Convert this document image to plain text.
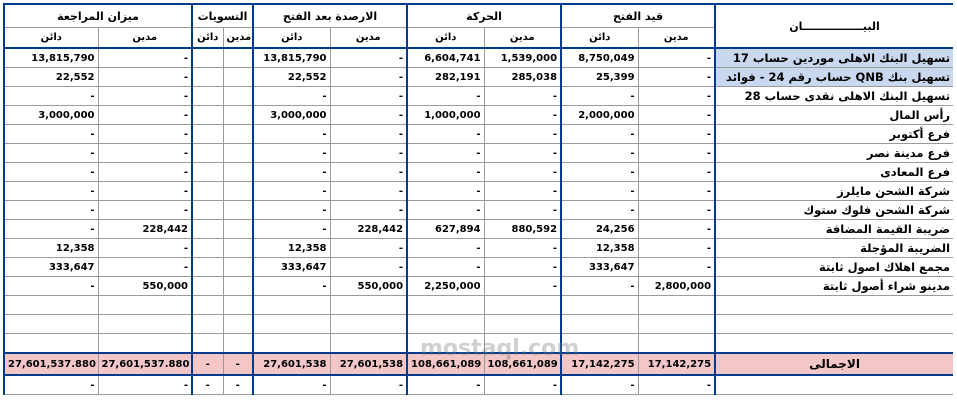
ميزان المراجعة		التسويات		الارصدة بعد الفتح		الحركة		قيد الفتح		البيــــــــــــــــان
دائن	مدين	دائن	مدين	دائن	مدين	دائن	مدين	دائن	مدين	
13,815,790	-			13,815,790	-	6,604,741	1,539,000	8,750,049	-	تسهيل البنك الاهلى موردين حساب 17
22,552	-			22,552	-	282,191	285,038	25,399	-	تسهيل بنك QNB حساب رقم 24 - فوائد
-	-			-	-	-	-	-	-	تسهيل البنك الاهلى نقدى حساب 28
3,000,000	-			3,000,000	-	1,000,000	-	2,000,000	-	رأس المال
-	-			-	-	-	-	-	-	فرع أكتوبر
-	-			-	-	-	-	-	-	فرع مدينة نصر
-	-			-	-	-	-	-	-	فرع المعادى
-	-			-	-	-	-	-	-	شركة الشحن مايلرز
-	-			-	-	-	-	-	-	شركة الشحن فلوك ستوك
-	228,442			-	228,442	627,894	880,592	24,256	-	ضريبة القيمة المضافة
12,358	-			12,358	-	-	-	12,358	-	الضريبة المؤجلة
333,647	-			333,647	-	-	-	333,647	-	مجمع اهلاك اصول ثابتة
-	550,000			-	550,000	2,250,000	-	-	2,800,000	مدينو شراء أصول ثابتة

27,601,537.880	27,601,537.880	-	-	27,601,538	27,601,538	108,661,089	108,661,089	17,142,275	17,142,275	الاجمالى
-	-	-	-	-	-	-	-	-	-	
mostaql.com
